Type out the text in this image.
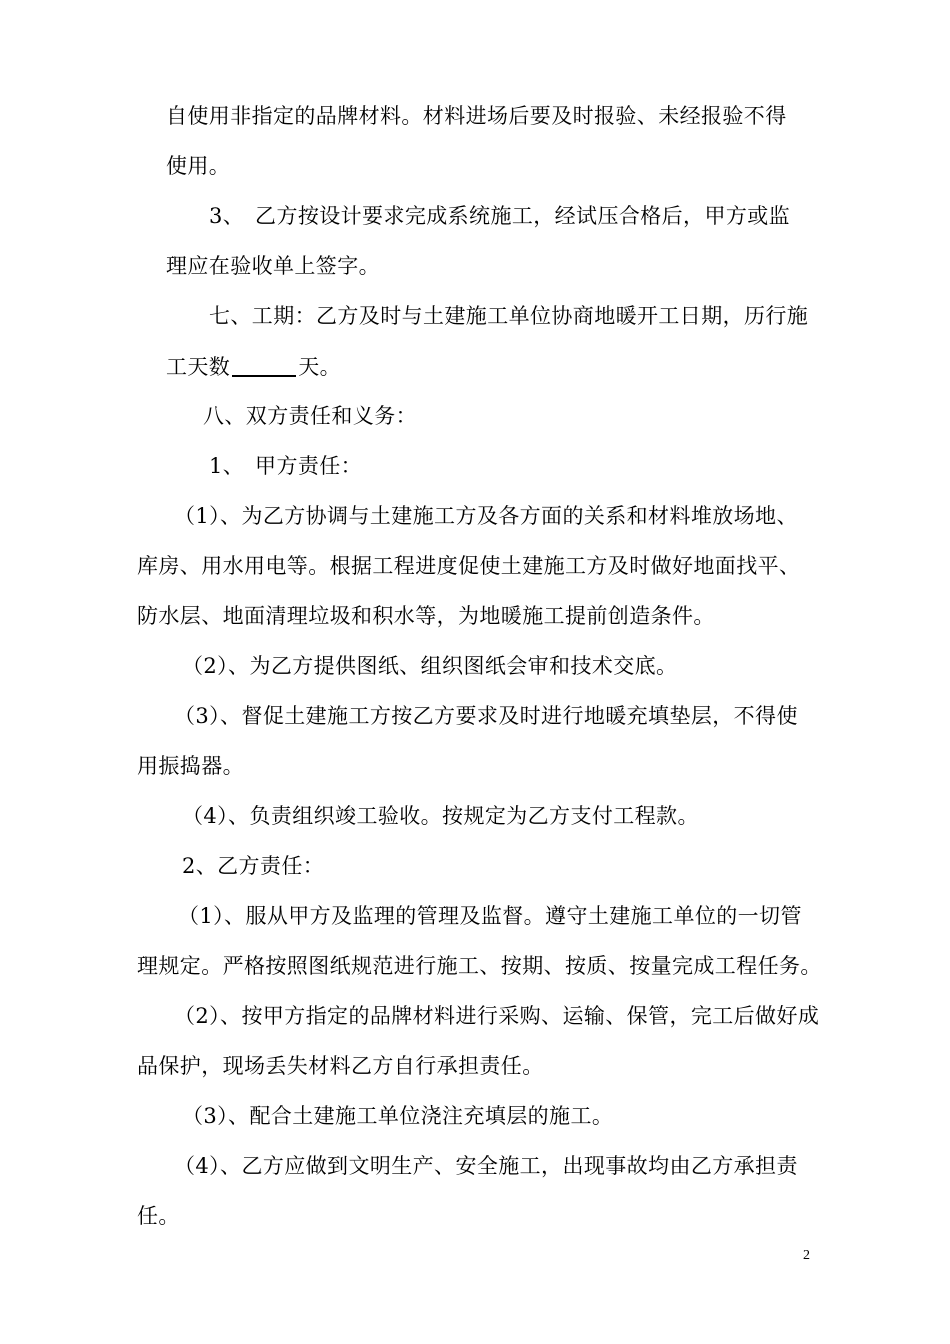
自使用非指定的品牌材料。材料进场后要及时报验、未经报验不得
使用。
3、　乙方按设计要求完成系统施工，经试压合格后，甲方或监
理应在验收单上签字。
七、工期：乙方及时与土建施工单位协商地暖开工日期，历行施
工天数	天。
八、双方责任和义务：
1、　甲方责任：
（1）、为乙方协调与土建施工方及各方面的关系和材料堆放场地、
库房、用水用电等。根据工程进度促使土建施工方及时做好地面找平、
防水层、地面清理垃圾和积水等，为地暖施工提前创造条件。
（2）、为乙方提供图纸、组织图纸会审和技术交底。
（3）、督促土建施工方按乙方要求及时进行地暖充填垫层，不得使
用振捣器。
（4）、负责组织竣工验收。按规定为乙方支付工程款。
2、乙方责任：
（1）、服从甲方及监理的管理及监督。遵守土建施工单位的一切管
理规定。严格按照图纸规范进行施工、按期、按质、按量完成工程任务。
（2）、按甲方指定的品牌材料进行采购、运输、保管，完工后做好成
品保护，现场丢失材料乙方自行承担责任。
（3）、配合土建施工单位浇注充填层的施工。
（4）、乙方应做到文明生产、安全施工，出现事故均由乙方承担责
任。
2
